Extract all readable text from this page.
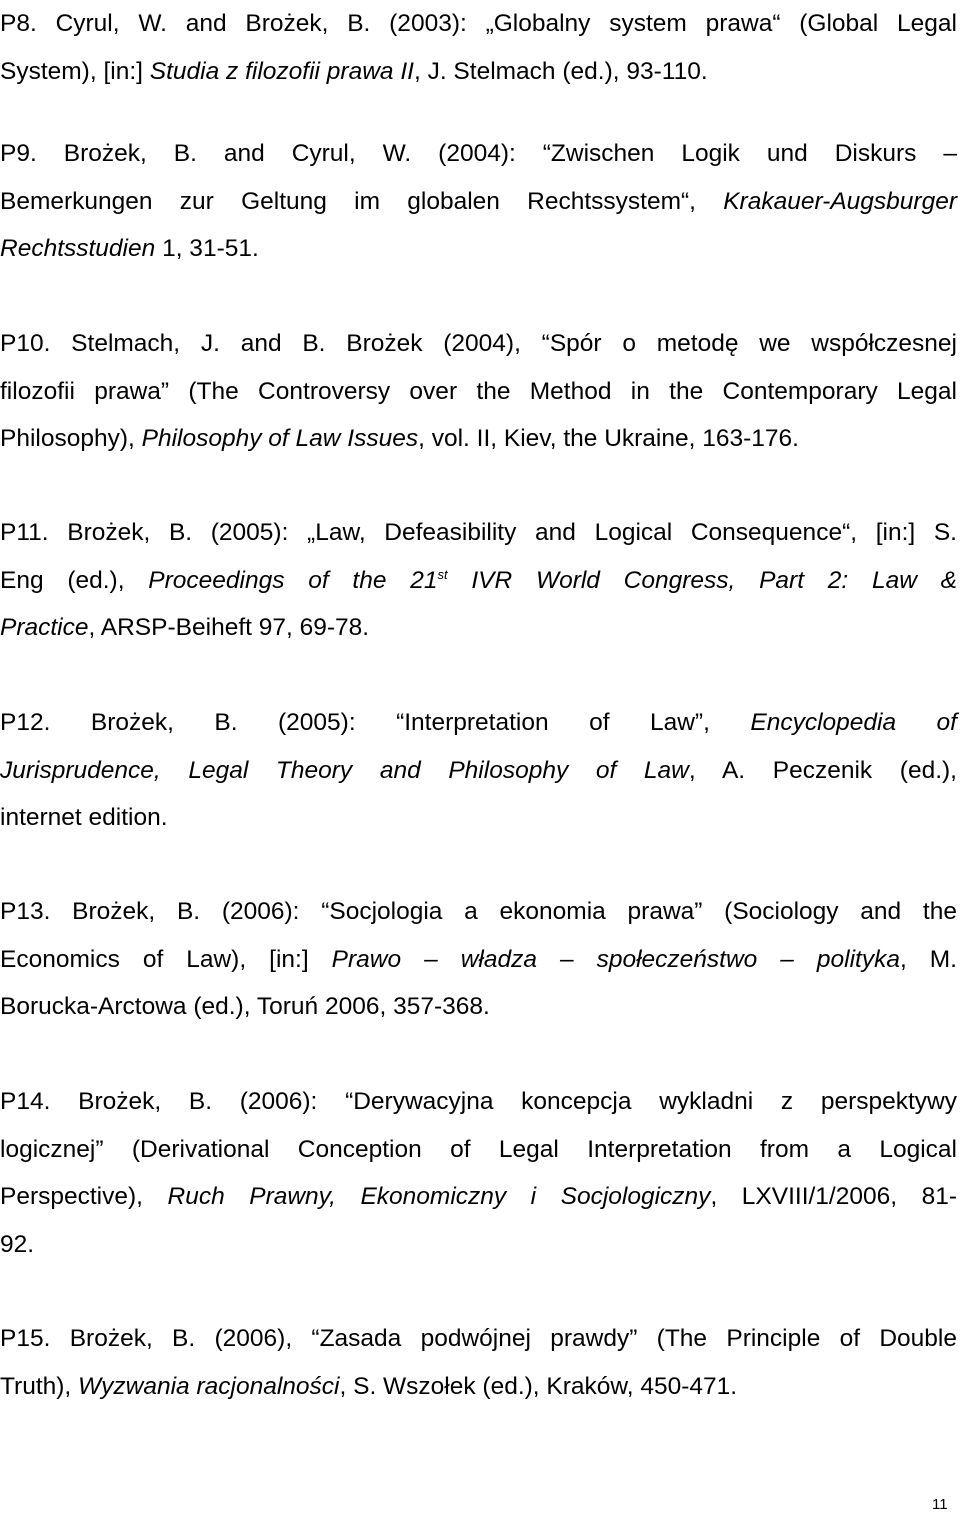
P8. Cyrul, W. and Brożek, B. (2003): „Globalny system prawa“ (Global Legal
System), [in:] Studia z filozofii prawa II, J. Stelmach (ed.), 93-110.
P9. Brożek, B. and Cyrul, W. (2004): “Zwischen Logik und Diskurs –
Bemerkungen zur Geltung im globalen Rechtssystem“, Krakauer-Augsburger
Rechtsstudien 1, 31-51.
P10. Stelmach, J. and B. Brożek (2004), “Spór o metodę we współczesnej
filozofii prawa” (The Controversy over the Method in the Contemporary Legal
Philosophy), Philosophy of Law Issues, vol. II, Kiev, the Ukraine, 163-176.
P11. Brożek, B. (2005): „Law, Defeasibility and Logical Consequence“, [in:] S.
Eng (ed.), Proceedings of the 21st IVR World Congress, Part 2: Law &
Practice, ARSP-Beiheft 97, 69-78.
P12. Brożek, B. (2005): “Interpretation of Law”, Encyclopedia of
Jurisprudence, Legal Theory and Philosophy of Law, A. Peczenik (ed.),
internet edition.
P13. Brożek, B. (2006): “Socjologia a ekonomia prawa” (Sociology and the
Economics of Law), [in:] Prawo – władza – społeczeństwo – polityka, M.
Borucka-Arctowa (ed.), Toruń 2006, 357-368.
P14. Brożek, B. (2006): “Derywacyjna koncepcja wykladni z perspektywy
logicznej” (Derivational Conception of Legal Interpretation from a Logical
Perspective), Ruch Prawny, Ekonomiczny i Socjologiczny, LXVIII/1/2006, 81-
92.
P15. Brożek, B. (2006), “Zasada podwójnej prawdy” (The Principle of Double
Truth), Wyzwania racjonalności, S. Wszołek (ed.), Kraków, 450-471.
11
